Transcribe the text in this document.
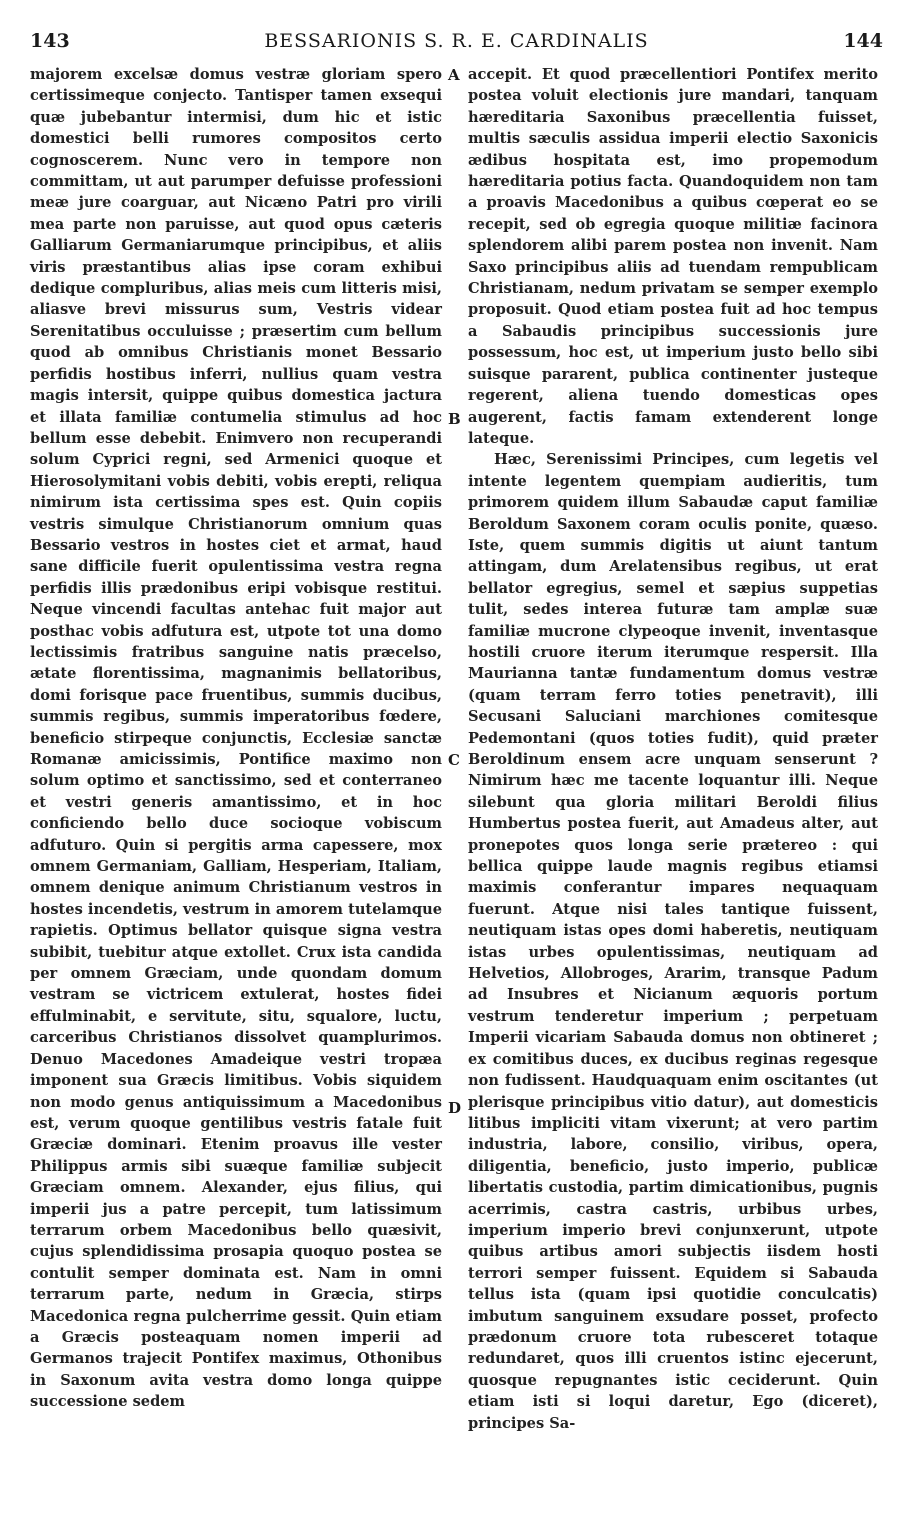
143	BESSARIONIS S. R. E. CARDINALIS	144

majorem excelsæ domus vestræ gloriam spero certissimeque conjecto. Tantisper tamen exsequi quæ jubebantur intermisi, dum hic et istic domestici belli rumores compositos certo cognoscerem. Nunc vero in tempore non committam, ut aut parumper defuisse professioni meæ jure coarguar, aut Nicæno Patri pro virili mea parte non paruisse, aut quod opus cæteris Galliarum Germaniarumque principibus, et aliis viris præstantibus alias ipse coram exhibui dedique compluribus, alias meis cum litteris misi, aliasve brevi missurus sum, Vestris videar Serenitatibus occuluisse ; præsertim cum bellum quod ab omnibus Christianis monet Bessario perfidis hostibus inferri, nullius quam vestra magis intersit, quippe quibus domestica jactura et illata familiæ contumelia stimulus ad hoc bellum esse debebit. Enimvero non recuperandi solum Cyprici regni, sed Armenici quoque et Hierosolymitani vobis debiti, vobis erepti, reliqua nimirum ista certissima spes est. Quin copiis vestris simulque Christianorum omnium quas Bessario vestros in hostes ciet et armat, haud sane difficile fuerit opulentissima vestra regna perfidis illis prædonibus eripi vobisque restitui. Neque vincendi facultas antehac fuit major aut posthac vobis adfutura est, utpote tot una domo lectissimis fratribus sanguine natis præcelso, ætate florentissima, magnanimis bellatoribus, domi forisque pace fruentibus, summis ducibus, summis regibus, summis imperatoribus fœdere, beneficio stirpeque conjunctis, Ecclesiæ sanctæ Romanæ amicissimis, Pontifice maximo non solum optimo et sanctissimo, sed et conterraneo et vestri generis amantissimo, et in hoc conficiendo bello duce socioque vobiscum adfuturo. Quin si pergitis arma capessere, mox omnem Germaniam, Galliam, Hesperiam, Italiam, omnem denique animum Christianum vestros in hostes incendetis, vestrum in amorem tutelamque rapietis. Optimus bellator quisque signa vestra subibit, tuebitur atque extollet. Crux ista candida per omnem Græciam, unde quondam domum vestram se victricem extulerat, hostes fidei effulminabit, e servitute, situ, squalore, luctu, carceribus Christianos dissolvet quamplurimos. Denuo Macedones Amadeique vestri tropæa imponent sua Græcis limitibus. Vobis siquidem non modo genus antiquissimum a Macedonibus est, verum quoque gentilibus vestris fatale fuit Græciæ dominari. Etenim proavus ille vester Philippus armis sibi suæque familiæ subjecit Græciam omnem. Alexander, ejus filius, qui imperii jus a patre percepit, tum latissimum terrarum orbem Macedonibus bello quæsivit, cujus splendidissima prosapia quoquo postea se contulit semper dominata est. Nam in omni terrarum parte, nedum in Græcia, stirps Macedonica regna pulcherrime gessit. Quin etiam a Græcis posteaquam nomen imperii ad Germanos trajecit Pontifex maximus, Othonibus in Saxonum avita vestra domo longa quippe successione sedem

A
B
C
D

accepit. Et quod præcellentiori Pontifex merito postea voluit electionis jure mandari, tanquam hæreditaria Saxonibus præcellentia fuisset, multis sæculis assidua imperii electio Saxonicis ædibus hospitata est, imo propemodum hæreditaria potius facta. Quandoquidem non tam a proavis Macedonibus a quibus cœperat eo se recepit, sed ob egregia quoque militiæ facinora splendorem alibi parem postea non invenit. Nam Saxo principibus aliis ad tuendam rempublicam Christianam, nedum privatam se semper exemplo proposuit. Quod etiam postea fuit ad hoc tempus a Sabaudis principibus successionis jure possessum, hoc est, ut imperium justo bello sibi suisque pararent, publica continenter justeque regerent, aliena tuendo domesticas opes augerent, factis famam extenderent longe lateque.

Hæc, Serenissimi Principes, cum legetis vel intente legentem quempiam audieritis, tum primorem quidem illum Sabaudæ caput familiæ Beroldum Saxonem coram oculis ponite, quæso. Iste, quem summis digitis ut aiunt tantum attingam, dum Arelatensibus regibus, ut erat bellator egregius, semel et sæpius suppetias tulit, sedes interea futuræ tam amplæ suæ familiæ mucrone clypeoque invenit, inventasque hostili cruore iterum iterumque respersit. Illa Maurianna tantæ fundamentum domus vestræ (quam terram ferro toties penetravit), illi Secusani Saluciani marchiones comitesque Pedemontani (quos toties fudit), quid præter Beroldinum ensem acre unquam senserunt ? Nimirum hæc me tacente loquantur illi. Neque silebunt qua gloria militari Beroldi filius Humbertus postea fuerit, aut Amadeus alter, aut pronepotes quos longa serie prætereo : qui bellica quippe laude magnis regibus etiamsi maximis conferantur impares nequaquam fuerunt. Atque nisi tales tantique fuissent, neutiquam istas opes domi haberetis, neutiquam istas urbes opulentissimas, neutiquam ad Helvetios, Allobroges, Ararim, transque Padum ad Insubres et Nicianum æquoris portum vestrum tenderetur imperium ; perpetuam Imperii vicariam Sabauda domus non obtineret ; ex comitibus duces, ex ducibus reginas regesque non fudissent. Haudquaquam enim oscitantes (ut plerisque principibus vitio datur), aut domesticis litibus impliciti vitam vixerunt; at vero partim industria, labore, consilio, viribus, opera, diligentia, beneficio, justo imperio, publicæ libertatis custodia, partim dimicationibus, pugnis acerrimis, castra castris, urbibus urbes, imperium imperio brevi conjunxerunt, utpote quibus artibus amori subjectis iisdem hosti terrori semper fuissent. Equidem si Sabauda tellus ista (quam ipsi quotidie conculcatis) imbutum sanguinem exsudare posset, profecto prædonum cruore tota rubesceret totaque redundaret, quos illi cruentos istinc ejecerunt, quosque repugnantes istic ceciderunt. Quin etiam isti si loqui daretur, Ego (diceret), principes Sa-
